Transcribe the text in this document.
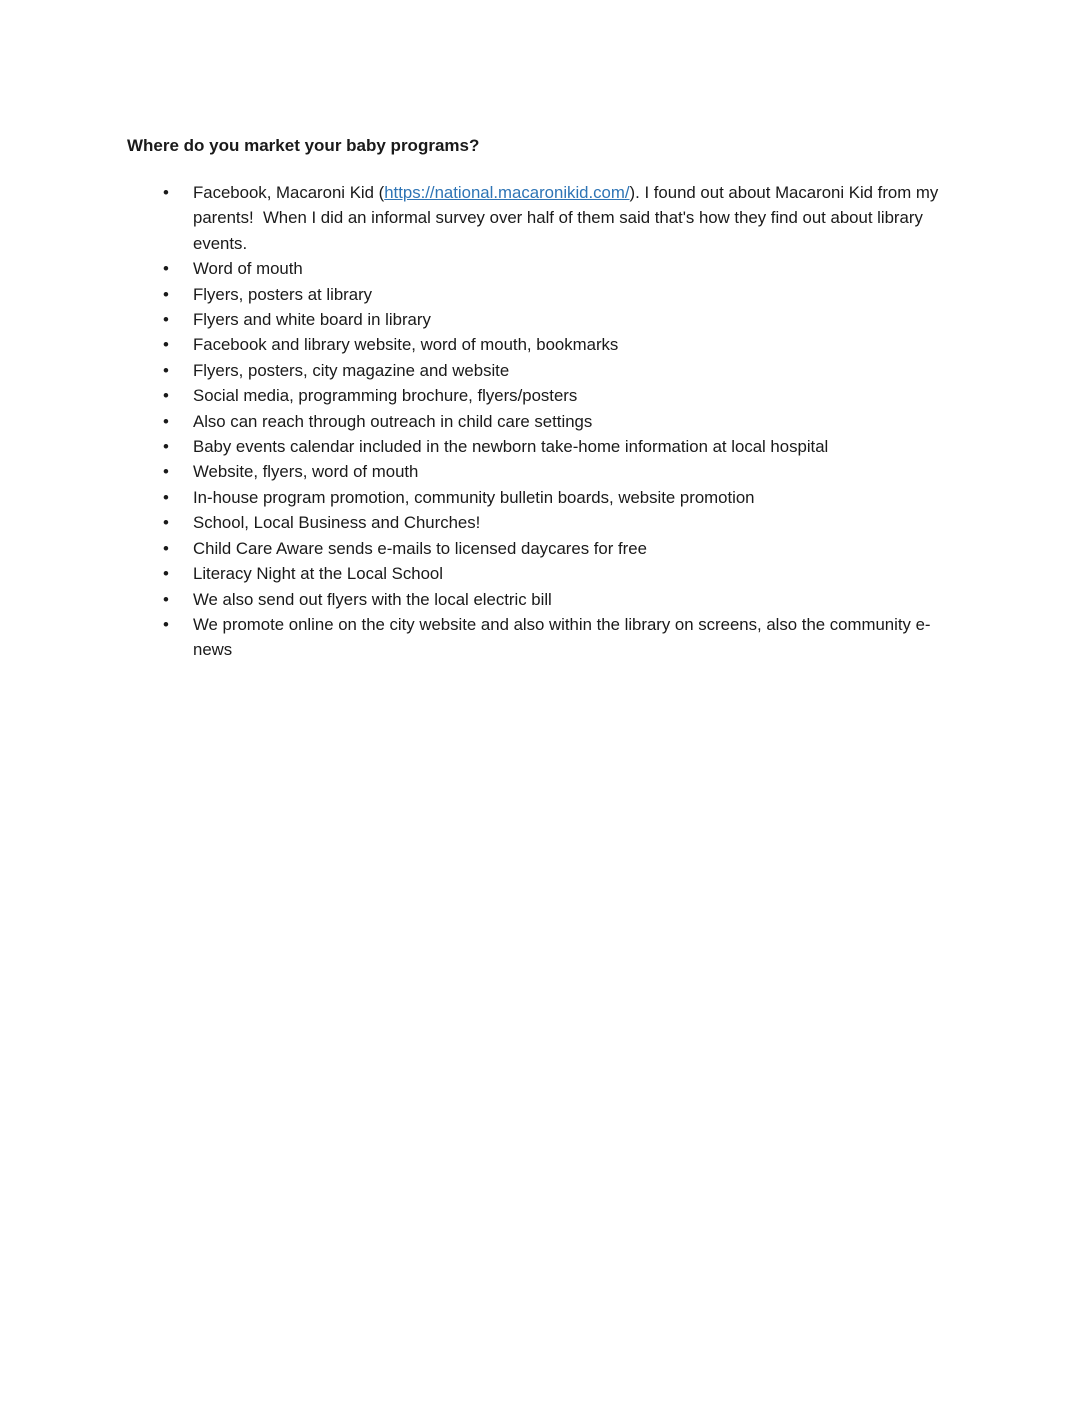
Where do you market your baby programs?
• Facebook, Macaroni Kid (https://national.macaronikid.com/). I found out about Macaroni Kid from my parents!  When I did an informal survey over half of them said that's how they find out about library events.
• Word of mouth
• Flyers, posters at library
• Flyers and white board in library
• Facebook and library website, word of mouth, bookmarks
• Flyers, posters, city magazine and website
• Social media, programming brochure, flyers/posters
• Also can reach through outreach in child care settings
• Baby events calendar included in the newborn take-home information at local hospital
• Website, flyers, word of mouth
• In-house program promotion, community bulletin boards, website promotion
• School, Local Business and Churches!
• Child Care Aware sends e-mails to licensed daycares for free
• Literacy Night at the Local School
• We also send out flyers with the local electric bill
• We promote online on the city website and also within the library on screens, also the community e-news
